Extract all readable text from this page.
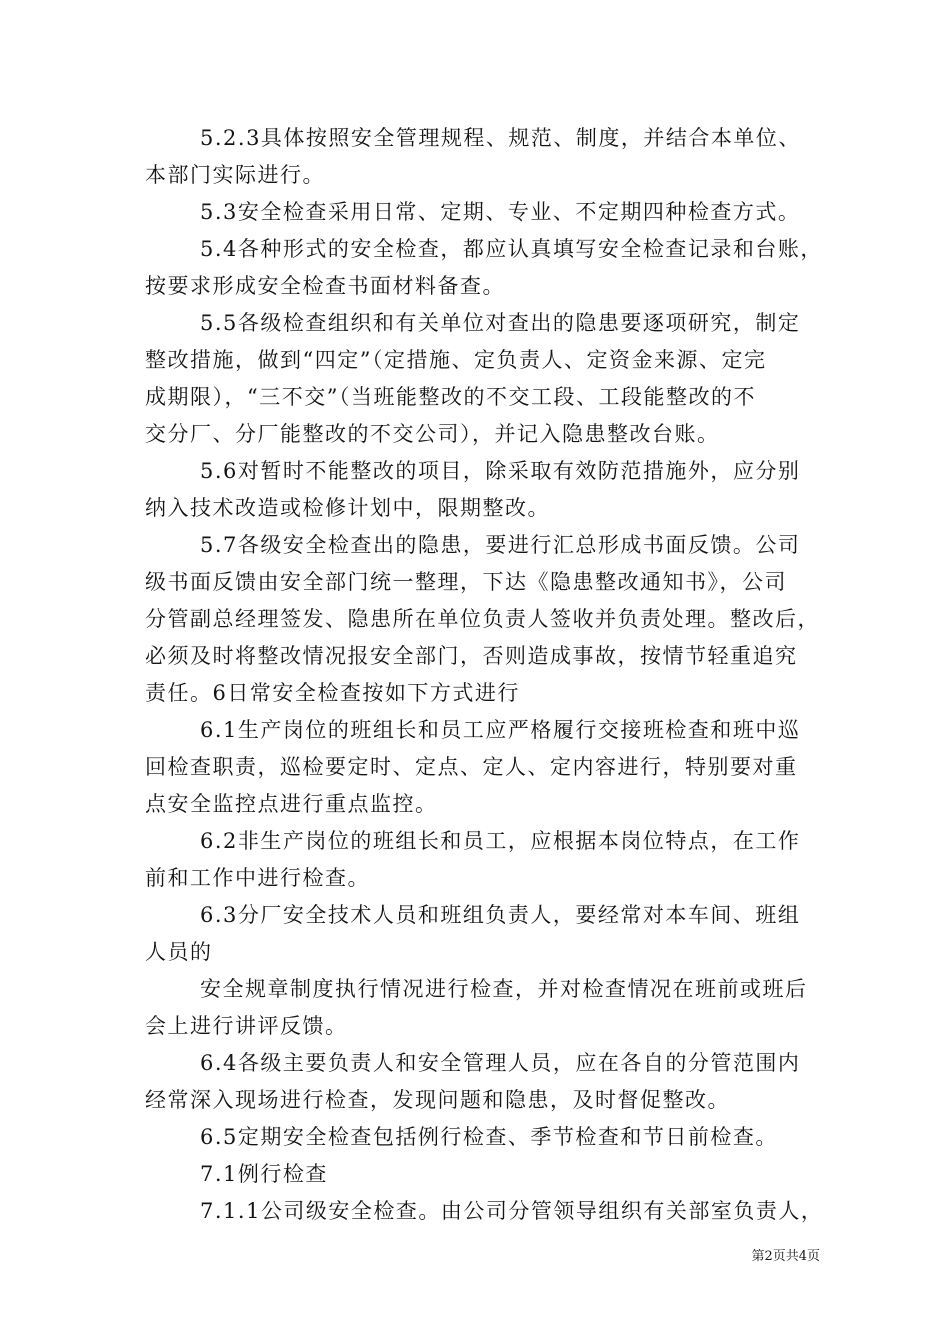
5.2.3具体按照安全管理规程、规范、制度，并结合本单位、

本部门实际进行。

5.3安全检查采用日常、定期、专业、不定期四种检查方式。

5.4各种形式的安全检查，都应认真填写安全检查记录和台账，

按要求形成安全检查书面材料备查。

5.5各级检查组织和有关单位对查出的隐患要逐项研究，制定

整改措施，做到“四定”（定措施、定负责人、定资金来源、定完

成期限），“三不交”（当班能整改的不交工段、工段能整改的不

交分厂、分厂能整改的不交公司），并记入隐患整改台账。

5.6对暂时不能整改的项目，除采取有效防范措施外，应分别

纳入技术改造或检修计划中，限期整改。

5.7各级安全检查出的隐患，要进行汇总形成书面反馈。公司

级书面反馈由安全部门统一整理，下达《隐患整改通知书》，公司

分管副总经理签发、隐患所在单位负责人签收并负责处理。整改后，

必须及时将整改情况报安全部门，否则造成事故，按情节轻重追究

责任。6日常安全检查按如下方式进行

6.1生产岗位的班组长和员工应严格履行交接班检查和班中巡

回检查职责，巡检要定时、定点、定人、定内容进行，特别要对重

点安全监控点进行重点监控。

6.2非生产岗位的班组长和员工，应根据本岗位特点，在工作

前和工作中进行检查。

6.3分厂安全技术人员和班组负责人，要经常对本车间、班组

人员的

安全规章制度执行情况进行检查，并对检查情况在班前或班后

会上进行讲评反馈。

6.4各级主要负责人和安全管理人员，应在各自的分管范围内

经常深入现场进行检查，发现问题和隐患，及时督促整改。

6.5定期安全检查包括例行检查、季节检查和节日前检查。

7.1例行检查

7.1.1公司级安全检查。由公司分管领导组织有关部室负责人，

第2页共4页
